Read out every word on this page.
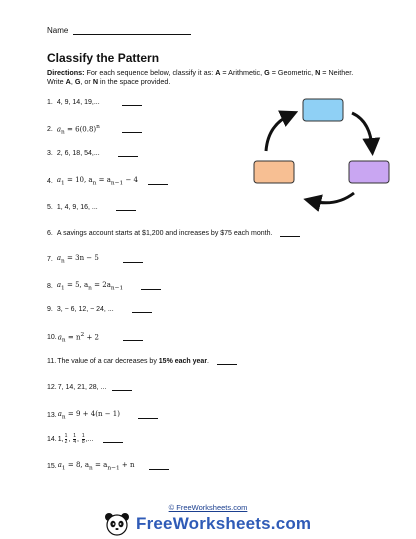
Name
Classify the Pattern
Directions: For each sequence below, classify it as: A = Arithmetic, G = Geometric, N = Neither. Write A, G, or N in the space provided.
1. 4, 9, 14, 19,...
2. $a_n = 6(0.8)^n$
3. 2, 6, 18, 54,...
4. $a_1 = 10$, $a_n = a_{n-1} - 4$
5. 1, 4, 9, 16, ...
6. A savings account starts at $1,200 and increases by $75 each month.
7. $a_n = 3n - 5$
8. $a_1 = 5$, $a_n = 2a_{n-1}$
9. 3, − 6, 12, − 24, ...
10. $a_n = n^2 + 2$
11. The value of a car decreases by 15% each year.
12. 7, 14, 21, 28, ...
13. $a_n = 9 + 4(n - 1)$
14. 1, $\frac{1}{2}$ , $\frac{1}{4}$ , $\frac{1}{8}$ ,...
15. $a_1 = 8$, $a_n = a_{n-1} + n$
© FreeWorksheets.com
FreeWorksheets.com
